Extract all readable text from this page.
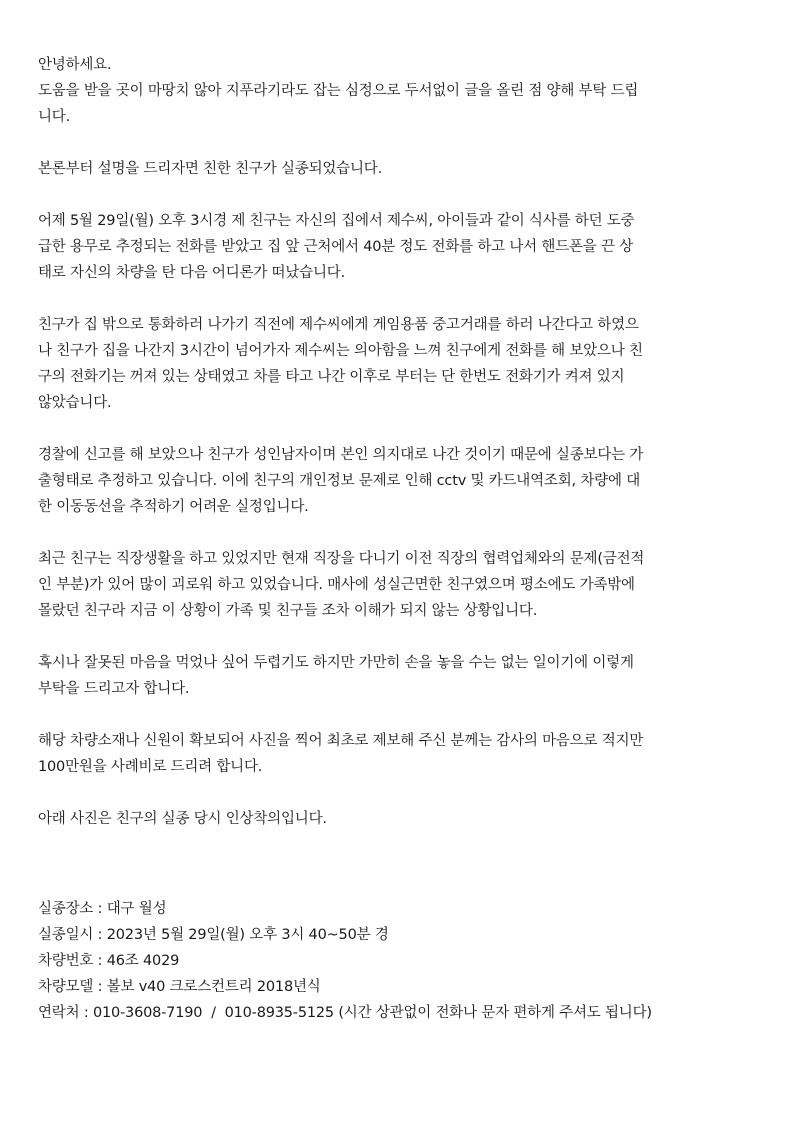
안녕하세요.
도움을 받을 곳이 마땅치 않아 지푸라기라도 잡는 심정으로 두서없이 글을 올린 점 양해 부탁 드립
니다.
본론부터 설명을 드리자면 친한 친구가 실종되었습니다.
어제 5월 29일(월) 오후 3시경 제 친구는 자신의 집에서 제수씨, 아이들과 같이 식사를 하던 도중
급한 용무로 추정되는 전화를 받았고 집 앞 근처에서 40분 정도 전화를 하고 나서 핸드폰을 끈 상
태로 자신의 차량을 탄 다음 어디론가 떠났습니다.
친구가 집 밖으로 통화하러 나가기 직전에 제수씨에게 게임용품 중고거래를 하러 나간다고 하였으
나 친구가 집을 나간지 3시간이 넘어가자 제수씨는 의아함을 느껴 친구에게 전화를 해 보았으나 친
구의 전화기는 꺼져 있는 상태였고 차를 타고 나간 이후로 부터는 단 한번도 전화기가 켜져 있지
않았습니다.
경찰에 신고를 해 보았으나 친구가 성인남자이며 본인 의지대로 나간 것이기 때문에 실종보다는 가
출형태로 추정하고 있습니다. 이에 친구의 개인정보 문제로 인해 cctv 및 카드내역조회, 차량에 대
한 이동동선을 추적하기 어려운 실정입니다.
최근 친구는 직장생활을 하고 있었지만 현재 직장을 다니기 이전 직장의 협력업체와의 문제(금전적
인 부분)가 있어 많이 괴로워 하고 있었습니다. 매사에 성실근면한 친구였으며 평소에도 가족밖에
몰랐던 친구라 지금 이 상황이 가족 및 친구들 조차 이해가 되지 않는 상황입니다.
혹시나 잘못된 마음을 먹었나 싶어 두렵기도 하지만 가만히 손을 놓을 수는 없는 일이기에 이렇게
부탁을 드리고자 합니다.
해당 차량소재나 신원이 확보되어 사진을 찍어 최초로 제보해 주신 분께는 감사의 마음으로 적지만
100만원을 사례비로 드리려 합니다.
아래 사진은 친구의 실종 당시 인상착의입니다.
실종장소 : 대구 월성
실종일시 : 2023년 5월 29일(월) 오후 3시 40~50분 경
차량번호 : 46조 4029
차량모델 : 볼보 v40 크로스컨트리 2018년식
연락처 : 010-3608-7190  /  010-8935-5125 (시간 상관없이 전화나 문자 편하게 주셔도 됩니다)
